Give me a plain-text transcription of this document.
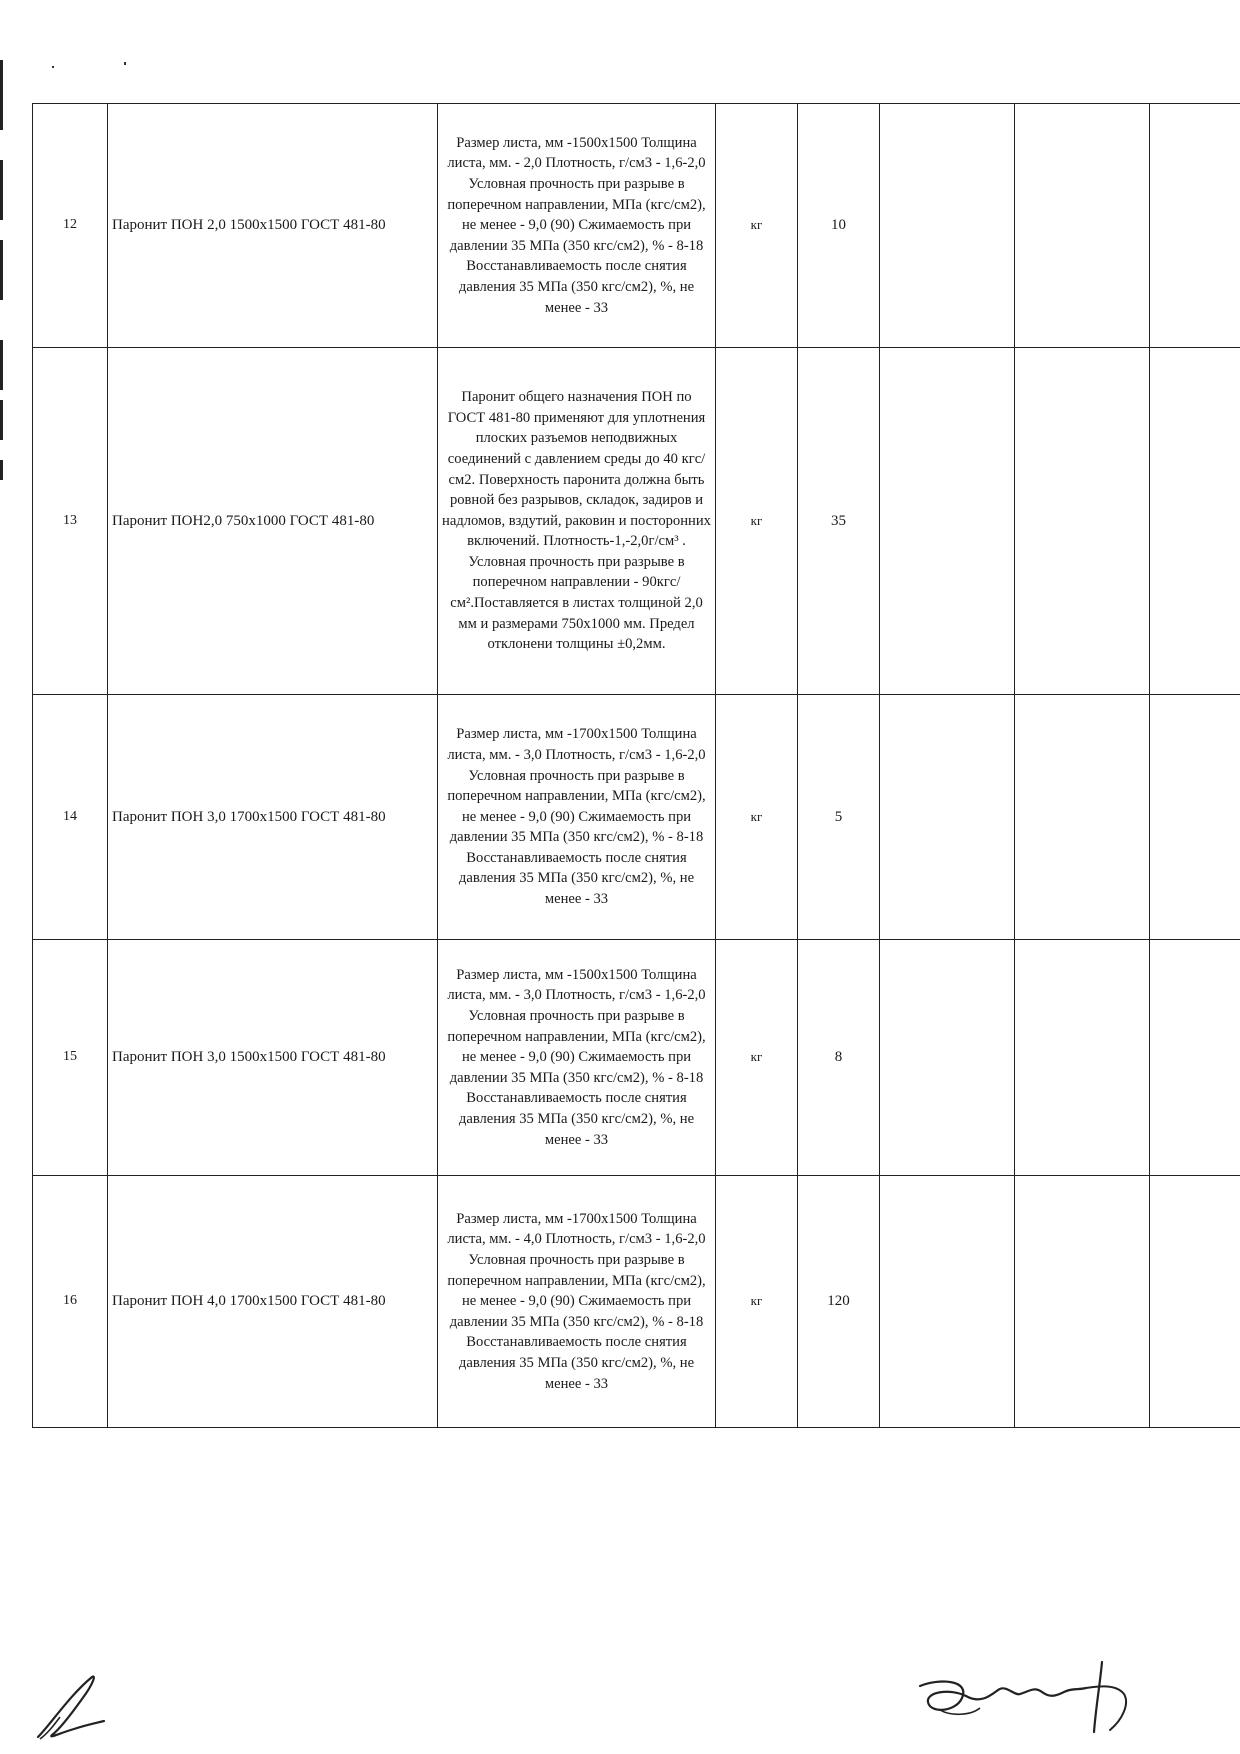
12	Паронит ПОН 2,0 1500х1500 ГОСТ 481-80	Размер листа, мм -1500х1500 Толщина листа, мм. - 2,0 Плотность, г/см3 - 1,6-2,0 Условная прочность при разрыве в поперечном направлении, МПа (кгс/см2), не менее - 9,0 (90) Сжимаемость при давлении 35 МПа (350 кгс/см2), % - 8-18 Восстанавливаемость после снятия давления 35 МПа (350 кгс/см2), %, не менее - 33	кг	10			
13	Паронит ПОН2,0 750х1000 ГОСТ 481-80	Паронит общего назначения ПОН по ГОСТ 481-80 применяют для уплотнения плоских разъемов неподвижных соединений с давлением среды до 40 кгс/см2. Поверхность паронита должна быть ровной без разрывов, складок, задиров и надломов, вздутий, раковин и посторонних включений. Плотность-1,-2,0г/см³ . Условная прочность при разрыве в поперечном направлении - 90кгс/см².Поставляется в листах толщиной 2,0 мм и размерами 750х1000 мм. Предел отклонени толщины ±0,2мм.	кг	35			
14	Паронит ПОН 3,0 1700х1500 ГОСТ 481-80	Размер листа, мм -1700х1500 Толщина листа, мм. - 3,0 Плотность, г/см3 - 1,6-2,0 Условная прочность при разрыве в поперечном направлении, МПа (кгс/см2), не менее - 9,0 (90) Сжимаемость при давлении 35 МПа (350 кгс/см2), % - 8-18 Восстанавливаемость после снятия давления 35 МПа (350 кгс/см2), %, не менее - 33	кг	5			
15	Паронит ПОН 3,0 1500х1500 ГОСТ 481-80	Размер листа, мм -1500х1500 Толщина листа, мм. - 3,0 Плотность, г/см3 - 1,6-2,0 Условная прочность при разрыве в поперечном направлении, МПа (кгс/см2), не менее - 9,0 (90) Сжимаемость при давлении 35 МПа (350 кгс/см2), % - 8-18 Восстанавливаемость после снятия давления 35 МПа (350 кгс/см2), %, не менее - 33	кг	8			
16	Паронит ПОН 4,0 1700х1500 ГОСТ 481-80	Размер листа, мм -1700х1500 Толщина листа, мм. - 4,0 Плотность, г/см3 - 1,6-2,0 Условная прочность при разрыве в поперечном направлении, МПа (кгс/см2), не менее - 9,0 (90) Сжимаемость при давлении 35 МПа (350 кгс/см2), % - 8-18 Восстанавливаемость после снятия давления 35 МПа (350 кгс/см2), %, не менее - 33	кг	120			
